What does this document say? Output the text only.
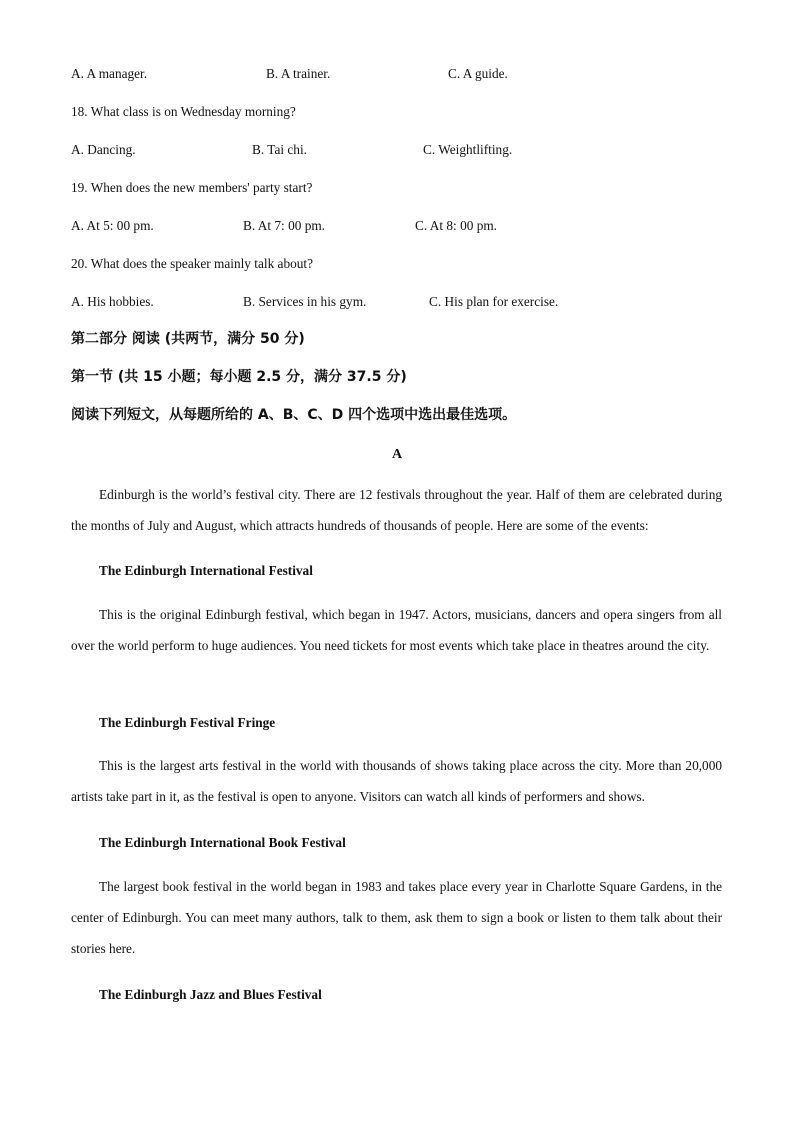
A. A manager.	B. A trainer.	C. A guide.
18. What class is on Wednesday morning?
A. Dancing.	B. Tai chi.	C. Weightlifting.
19. When does the new members' party start?
A. At 5: 00 pm.	B. At 7: 00 pm.	C. At 8: 00 pm.
20. What does the speaker mainly talk about?
A. His hobbies.	B. Services in his gym.	C. His plan for exercise.
第二部分 阅读 (共两节，满分 50 分)
第一节 (共 15 小题；每小题 2.5 分，满分 37.5 分)
阅读下列短文，从每题所给的 A、B、C、D 四个选项中选出最佳选项。
A
Edinburgh is the world’s festival city. There are 12 festivals throughout the year. Half of them are celebrated during the months of July and August, which attracts hundreds of thousands of people. Here are some of the events:
The Edinburgh International Festival
This is the original Edinburgh festival, which began in 1947. Actors, musicians, dancers and opera singers from all over the world perform to huge audiences. You need tickets for most events which take place in theatres around the city.
The Edinburgh Festival Fringe
This is the largest arts festival in the world with thousands of shows taking place across the city. More than 20,000 artists take part in it, as the festival is open to anyone. Visitors can watch all kinds of performers and shows.
The Edinburgh International Book Festival
The largest book festival in the world began in 1983 and takes place every year in Charlotte Square Gardens, in the center of Edinburgh. You can meet many authors, talk to them, ask them to sign a book or listen to them talk about their stories here.
The Edinburgh Jazz and Blues Festival
